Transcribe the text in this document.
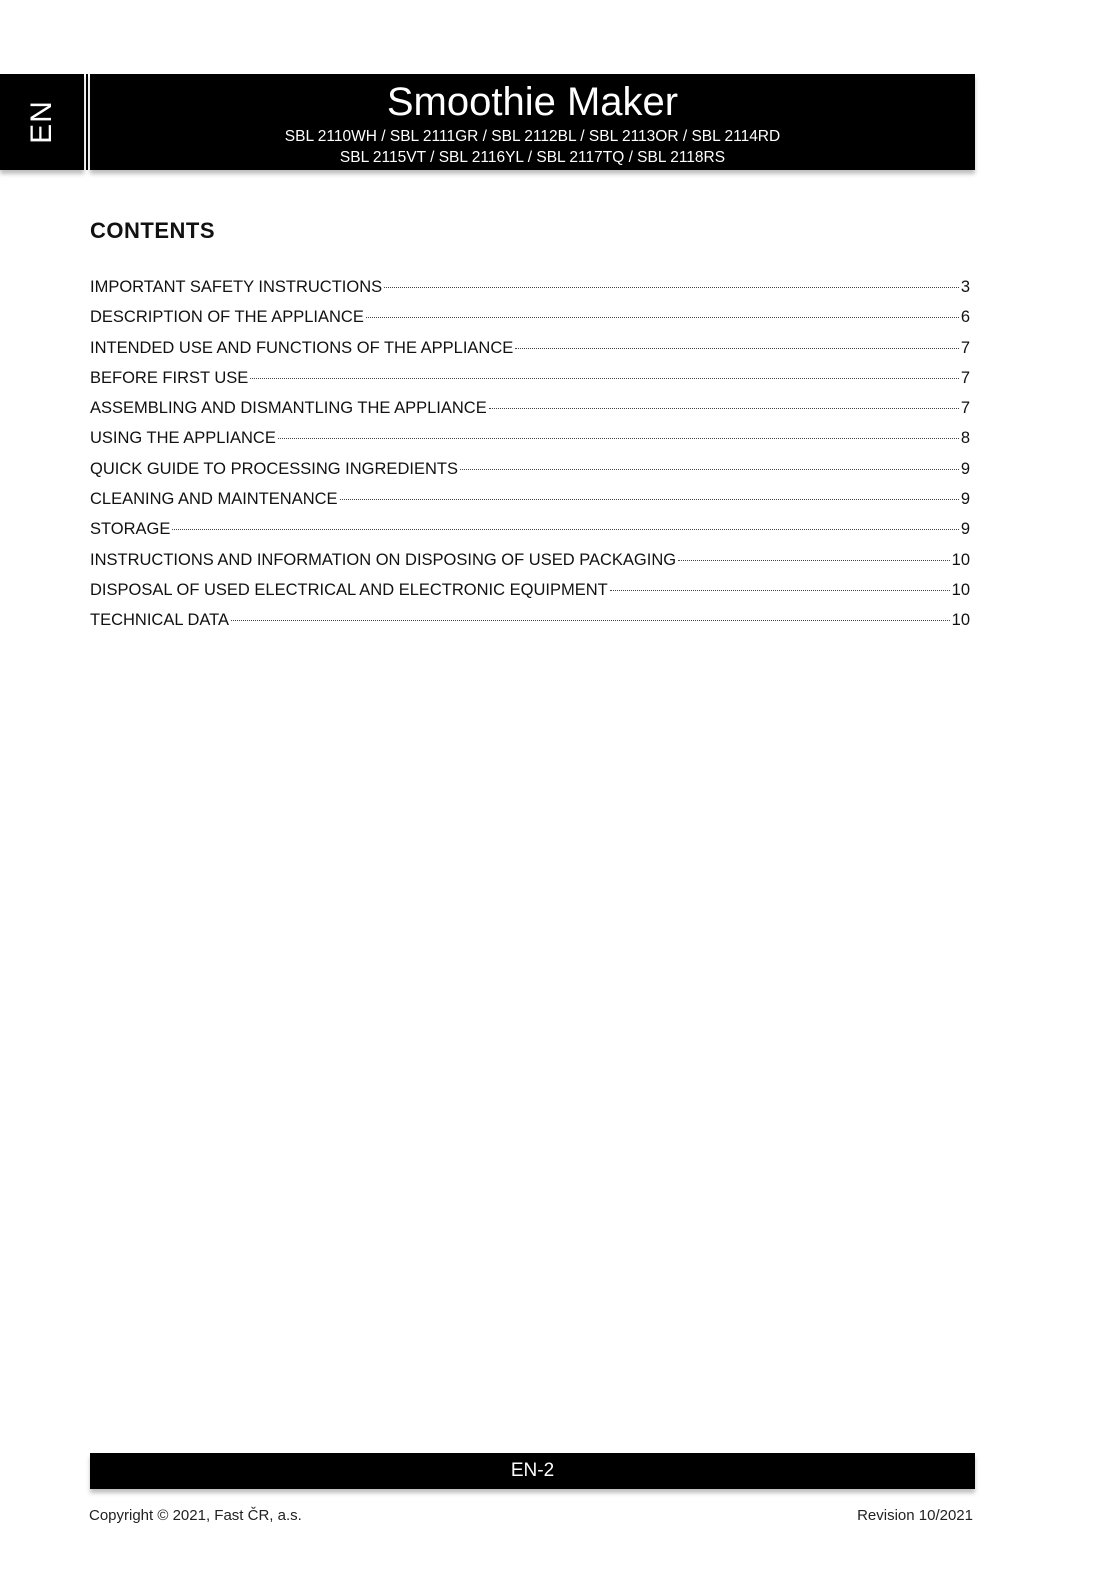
EN	Smoothie Maker
SBL 2110WH / SBL 2111GR / SBL 2112BL / SBL 2113OR / SBL 2114RD
SBL 2115VT / SBL 2116YL / SBL 2117TQ / SBL 2118RS
CONTENTS
IMPORTANT SAFETY INSTRUCTIONS	3
DESCRIPTION OF THE APPLIANCE	6
INTENDED USE AND FUNCTIONS OF THE APPLIANCE	7
BEFORE FIRST USE	7
ASSEMBLING AND DISMANTLING THE APPLIANCE	7
USING THE APPLIANCE	8
QUICK GUIDE TO PROCESSING INGREDIENTS	9
CLEANING AND MAINTENANCE	9
STORAGE	9
INSTRUCTIONS AND INFORMATION ON DISPOSING OF USED PACKAGING	10
DISPOSAL OF USED ELECTRICAL AND ELECTRONIC EQUIPMENT	10
TECHNICAL DATA	10
EN-2
Copyright © 2021, Fast ČR, a.s.	Revision 10/2021
